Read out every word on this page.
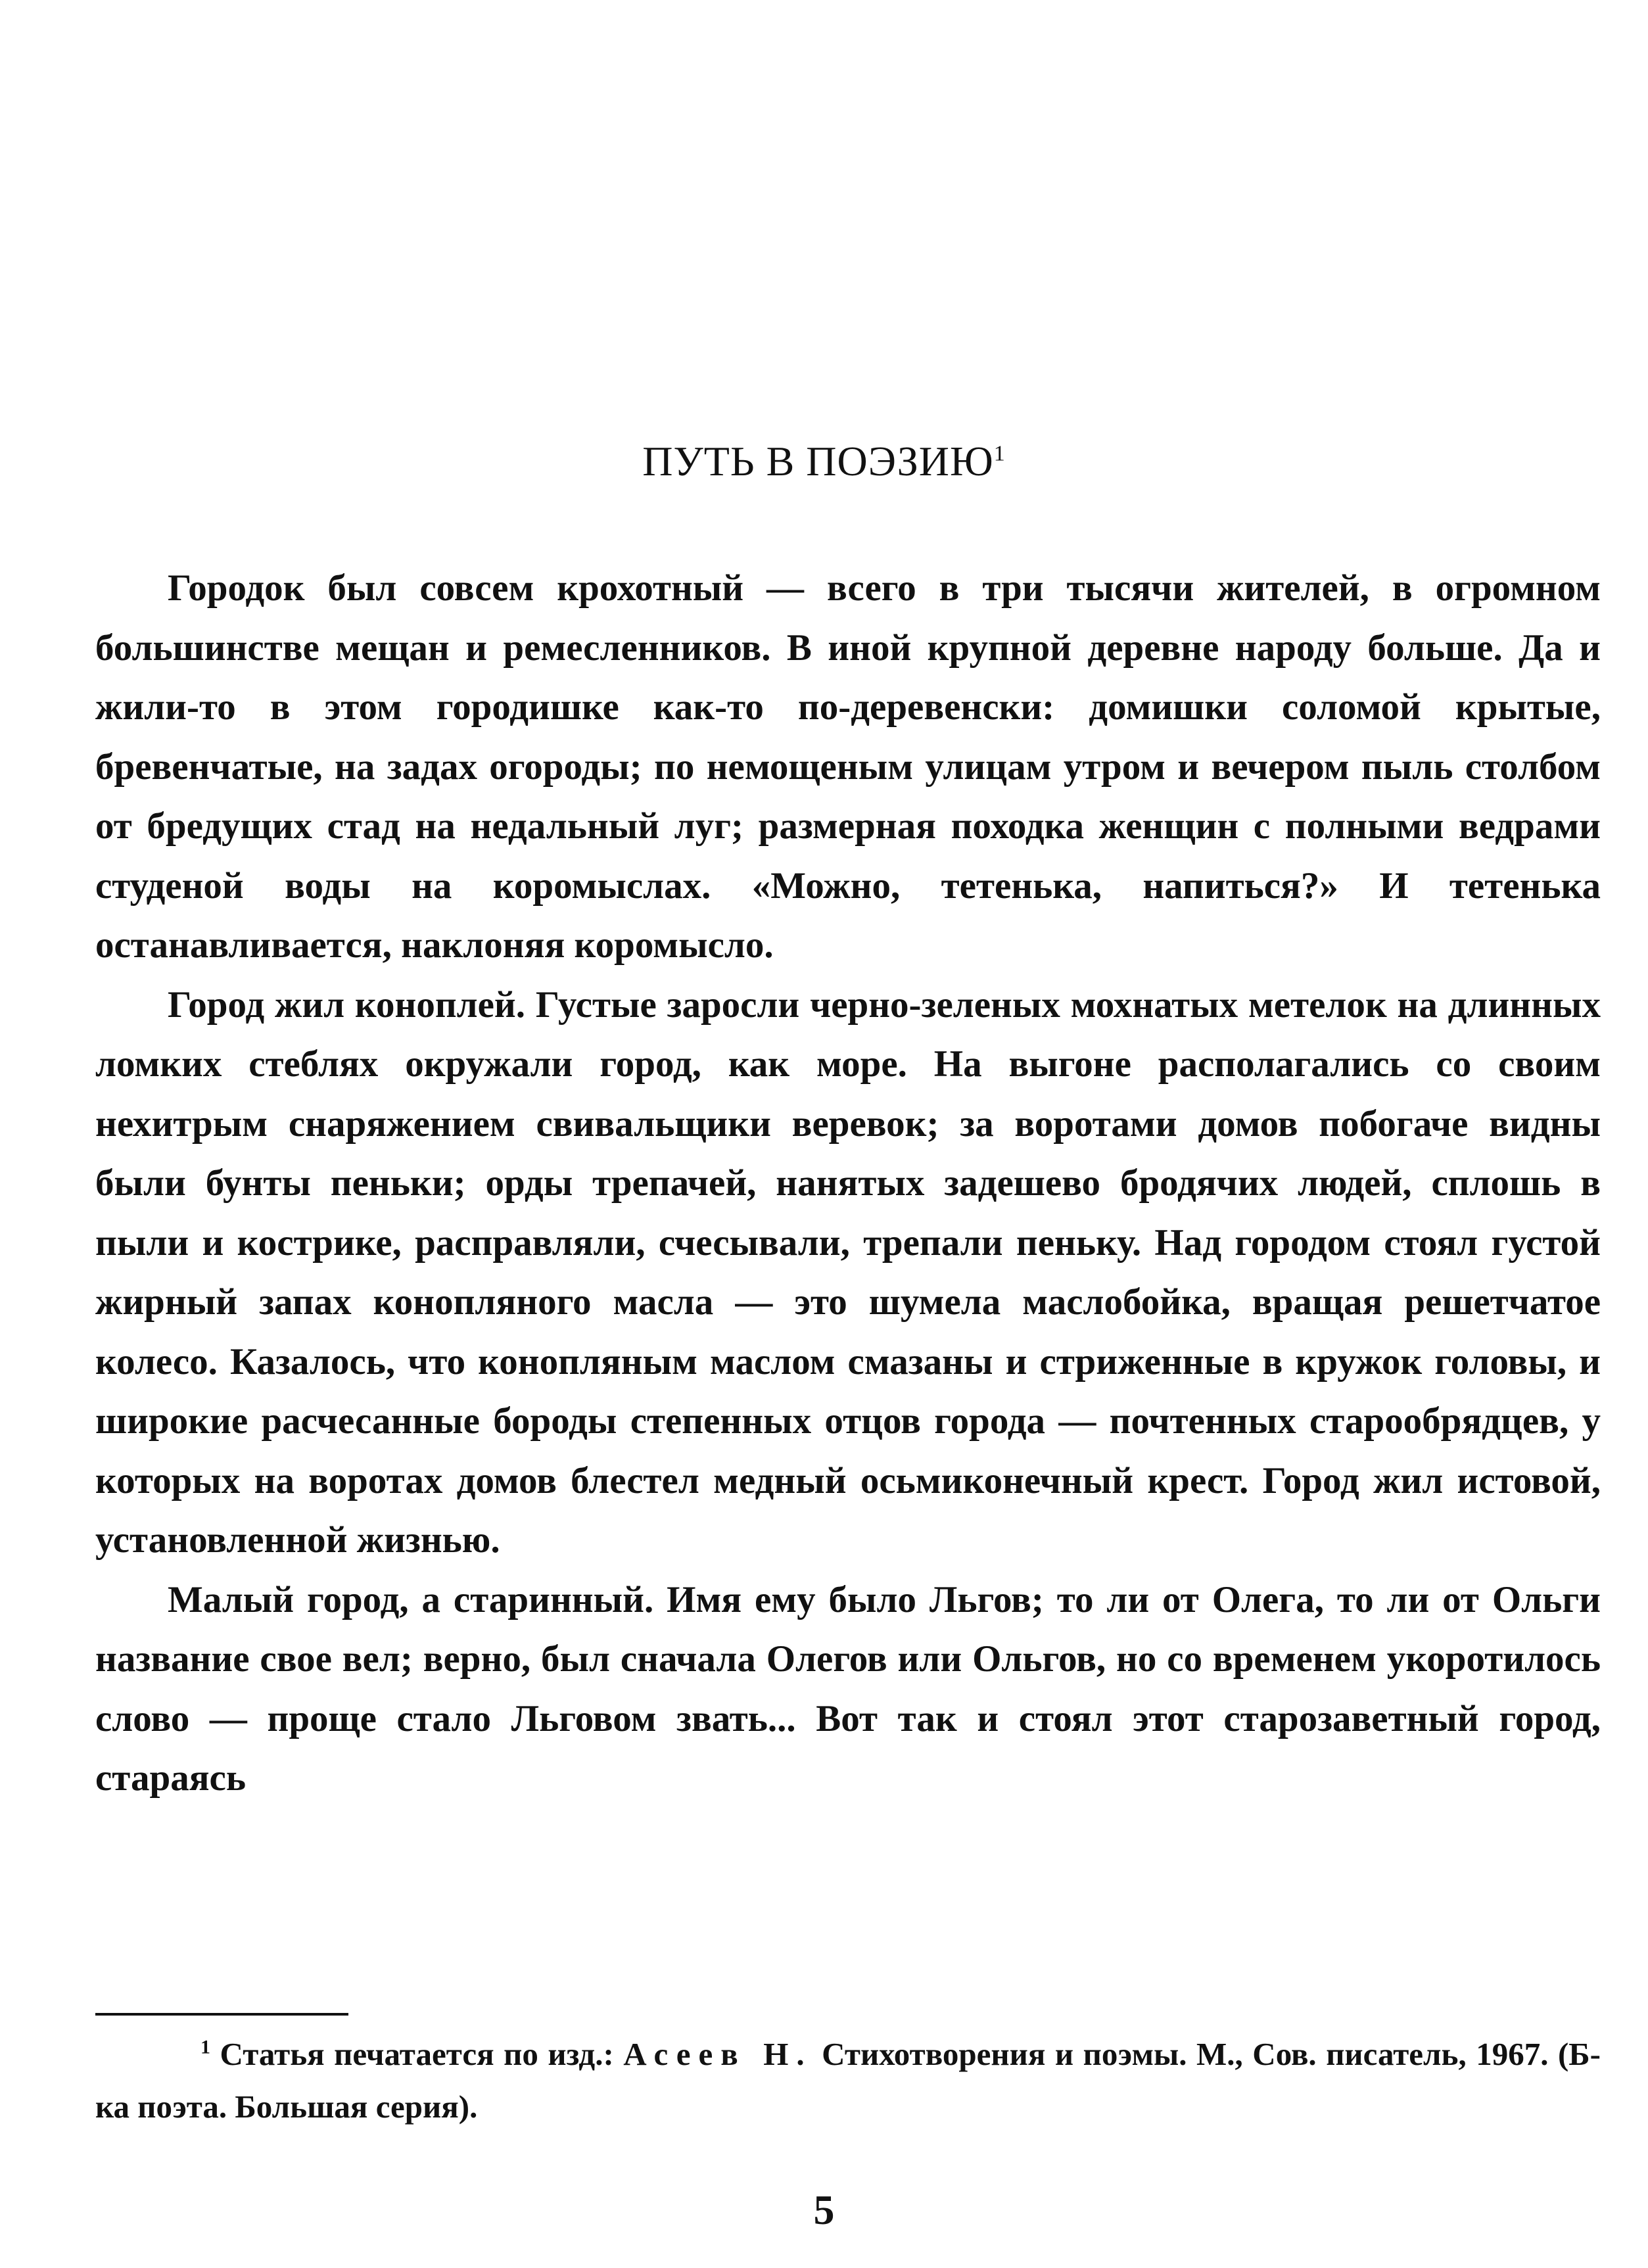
ПУТЬ В ПОЭЗИЮ$^1$

Городок был совсем крохотный — всего в три тысячи жителей, в огромном большинстве мещан и ремесленников. В иной крупной деревне народу больше. Да и жили-то в этом городишке как-то по-деревенски: домишки соломой крытые, бревенчатые, на задах огороды; по немощеным улицам утром и вечером пыль столбом от бредущих стад на недальный луг; размерная походка женщин с полными ведрами студеной воды на коромыслах. «Можно, тетенька, напиться?» И тетенька останавливается, наклоняя коромысло.

Город жил коноплей. Густые заросли черно-зеленых мохнатых метелок на длинных ломких стеблях окружали город, как море. На выгоне располагались со своим нехитрым снаряжением свивальщики веревок; за воротами домов побогаче видны были бунты пеньки; орды трепачей, нанятых задешево бродячих людей, сплошь в пыли и кострике, расправляли, счесывали, трепали пеньку. Над городом стоял густой жирный запах конопляного масла — это шумела маслобойка, вращая решетчатое колесо. Казалось, что конопляным маслом смазаны и стриженные в кружок головы, и широкие расчесанные бороды степенных отцов города — почтенных старообрядцев, у которых на воротах домов блестел медный осьмиконечный крест. Город жил истовой, установленной жизнью.

Малый город, а старинный. Имя ему было Льгов; то ли от Олега, то ли от Ольги название свое вел; верно, был сначала Олегов или Ольгов, но со временем укоротилось слово — проще стало Льговом звать... Вот так и стоял этот старозаветный город, стараясь

$^1$ Статья печатается по изд.: Асеев Н. Стихотворения и поэмы. М., Сов. писатель, 1967. (Б-ка поэта. Большая серия).

5
